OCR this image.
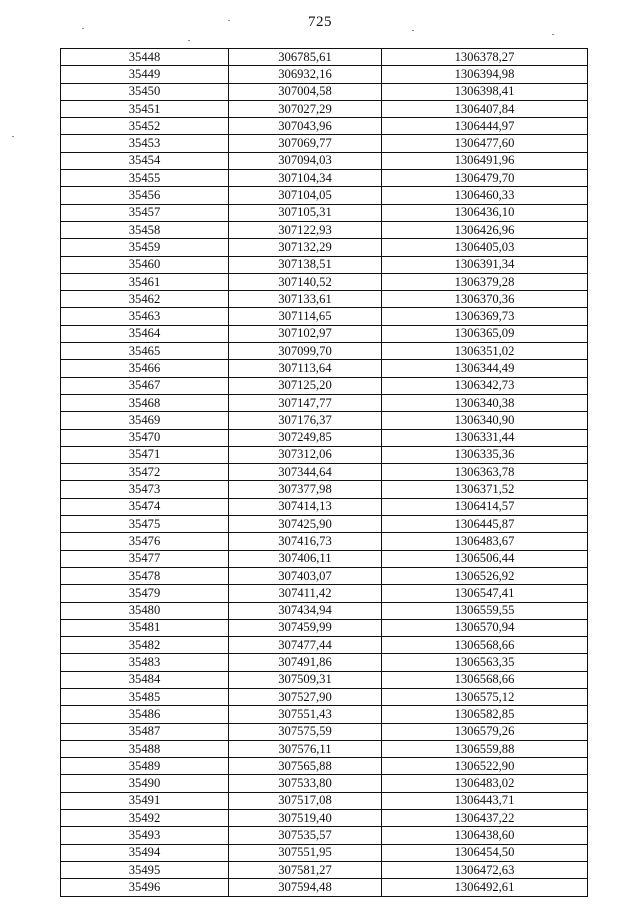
725
35448	306785,61	1306378,27
35449	306932,16	1306394,98
35450	307004,58	1306398,41
35451	307027,29	1306407,84
35452	307043,96	1306444,97
35453	307069,77	1306477,60
35454	307094,03	1306491,96
35455	307104,34	1306479,70
35456	307104,05	1306460,33
35457	307105,31	1306436,10
35458	307122,93	1306426,96
35459	307132,29	1306405,03
35460	307138,51	1306391,34
35461	307140,52	1306379,28
35462	307133,61	1306370,36
35463	307114,65	1306369,73
35464	307102,97	1306365,09
35465	307099,70	1306351,02
35466	307113,64	1306344,49
35467	307125,20	1306342,73
35468	307147,77	1306340,38
35469	307176,37	1306340,90
35470	307249,85	1306331,44
35471	307312,06	1306335,36
35472	307344,64	1306363,78
35473	307377,98	1306371,52
35474	307414,13	1306414,57
35475	307425,90	1306445,87
35476	307416,73	1306483,67
35477	307406,11	1306506,44
35478	307403,07	1306526,92
35479	307411,42	1306547,41
35480	307434,94	1306559,55
35481	307459,99	1306570,94
35482	307477,44	1306568,66
35483	307491,86	1306563,35
35484	307509,31	1306568,66
35485	307527,90	1306575,12
35486	307551,43	1306582,85
35487	307575,59	1306579,26
35488	307576,11	1306559,88
35489	307565,88	1306522,90
35490	307533,80	1306483,02
35491	307517,08	1306443,71
35492	307519,40	1306437,22
35493	307535,57	1306438,60
35494	307551,95	1306454,50
35495	307581,27	1306472,63
35496	307594,48	1306492,61
